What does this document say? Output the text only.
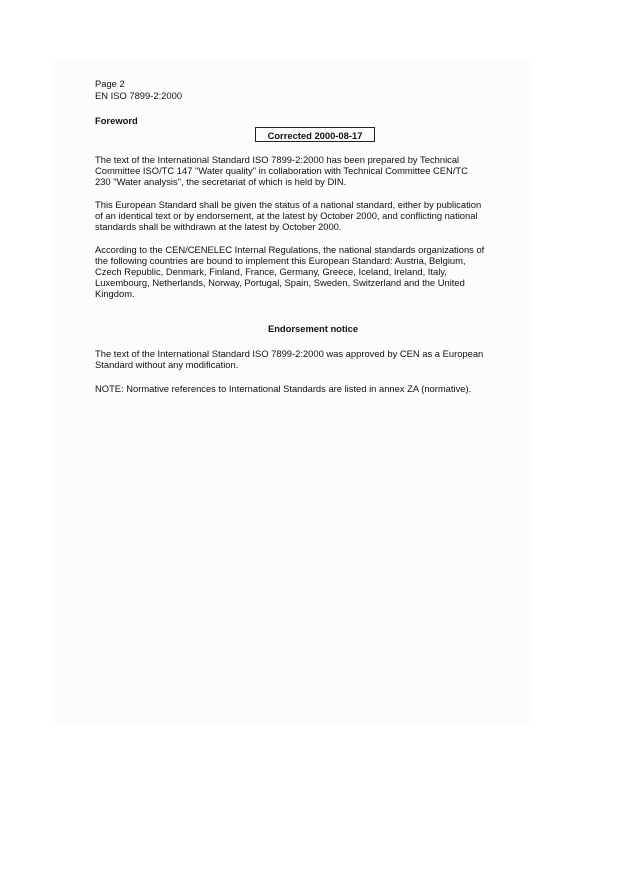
Page 2
EN ISO 7899-2:2000
Foreword
Corrected 2000-08-17
The text of the International Standard ISO 7899-2:2000 has been prepared by Technical
Committee ISO/TC 147 "Water quality" in collaboration with Technical Committee CEN/TC
230 "Water analysis", the secretariat of which is held by DIN.
This European Standard shall be given the status of a national standard, either by publication
of an identical text or by endorsement, at the latest by October 2000, and conflicting national
standards shall be withdrawn at the latest by October 2000.
According to the CEN/CENELEC Internal Regulations, the national standards organizations of
the following countries are bound to implement this European Standard: Austria, Belgium,
Czech Republic, Denmark, Finland, France, Germany, Greece, Iceland, Ireland, Italy,
Luxembourg, Netherlands, Norway, Portugal, Spain, Sweden, Switzerland and the United
Kingdom.
Endorsement notice
The text of the International Standard ISO 7899-2:2000 was approved by CEN as a European
Standard without any modification.
NOTE: Normative references to International Standards are listed in annex ZA (normative).
